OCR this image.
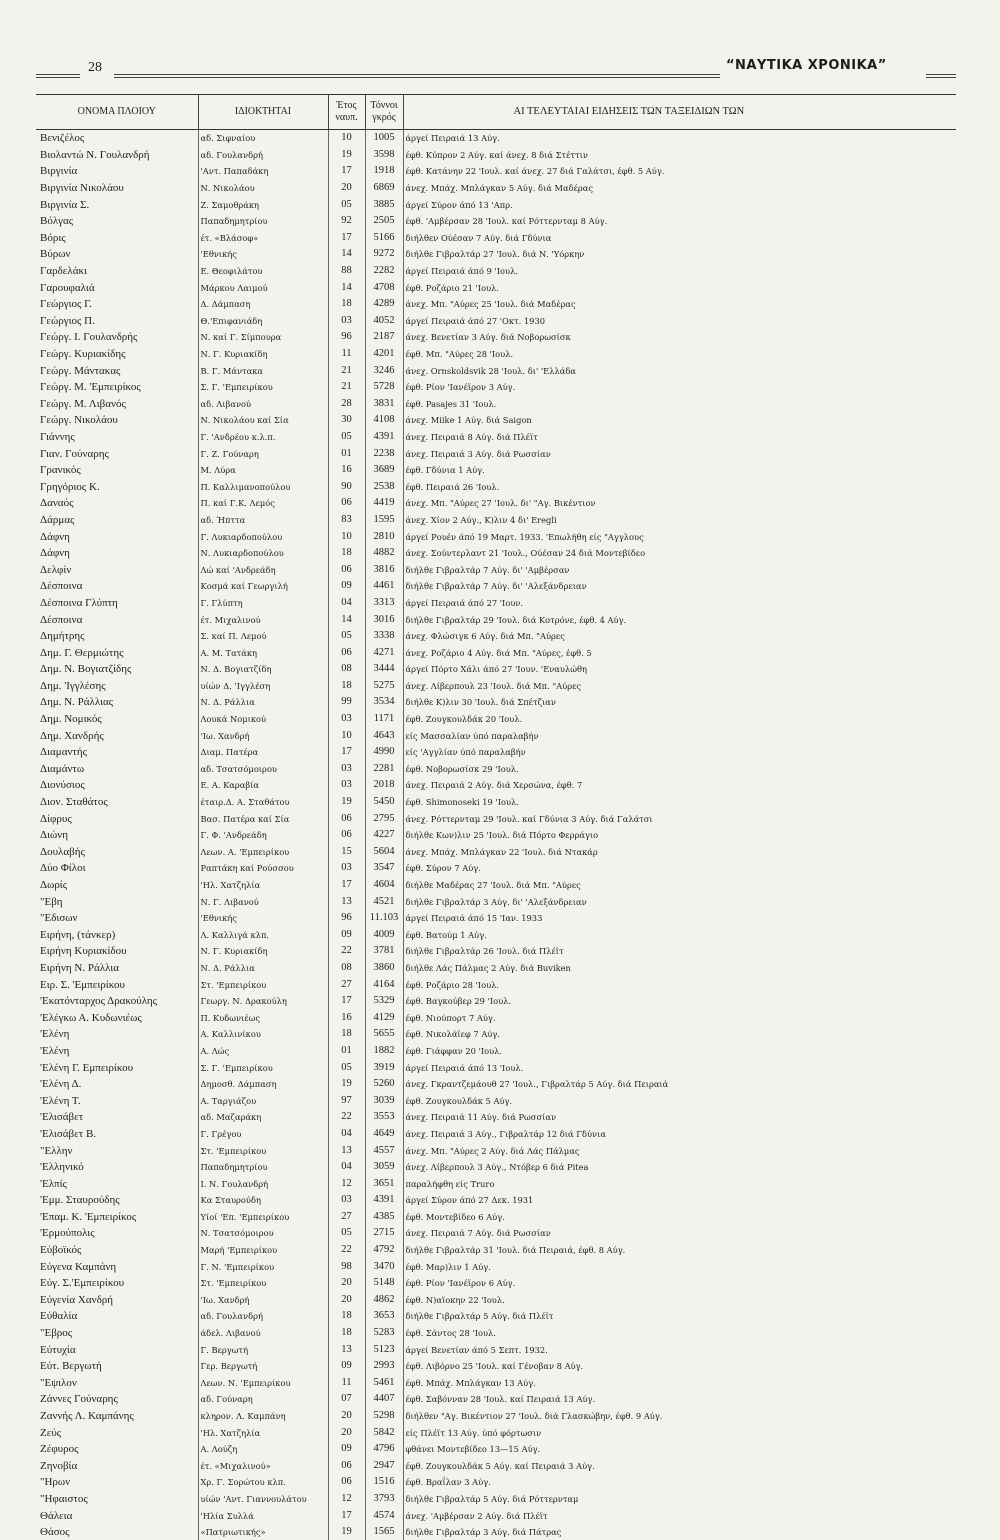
28	“ΝΑΥΤΙΚΑ ΧΡΟΝΙΚΑ”
ΟΝΟΜΑ ΠΛΟΙΟΥ	ΙΔΙΟΚΤΗΤΑΙ	Έτος ναυπ.	Τόννοι γκρός	ΑΙ ΤΕΛΕΥΤΑΙΑΙ ΕΙΔΗΣΕΙΣ ΤΩΝ ΤΑΞΕΙΔΙΩΝ ΤΩΝ
Βενιζέλος	αδ. Σιφναίου	10	1005	άργεί Πειραιά 13 Αύγ.
Βιολαντώ Ν. Γουλανδρή	αδ. Γουλανδρή	19	3598	έφθ. Κύπρον 2 Αύγ. καί άνεχ. 8 διά Στέττιν
Βιργινία	'Αντ. Παπαδάκη	17	1918	έφθ. Κατάνην 22 'Ιουλ. καί άνεχ. 27 διά Γαλάτσι, έφθ. 5 Αύγ.
Βιργινία Νικολάου	Ν. Νικολάου	20	6869	άνεχ. Μπάχ. Μπλάγκαν 5 Αύγ. διά Μαδέρας
Βιργινία Σ.	Ζ. Σαμοθράκη	05	3885	άργεί Σύρον άπό 13 'Απρ.
Βόλγας	Παπαδημητρίου	92	2505	έφθ. 'Αμβέρσαν 28 'Ιουλ. καί Ρόττερνταμ 8 Αύγ.
Βόρις	έτ. «Βλάσοφ»	17	5166	διήλθεν Ούέσαν 7 Αύγ. διά Γδύνια
Βύρων	'Εθνικής	14	9272	διήλθε Γιβραλτάρ 27 'Ιουλ. διά Ν. 'Υόρκην
Γαρδελάκι	Ε. Θεοφιλάτου	88	2282	άργεί Πειραιά άπό 9 'Ιουλ.
Γαρουφαλιά	Μάρκου Λαιμού	14	4708	έφθ. Ροζάριο 21 'Ιουλ.
Γεώργιος Γ.	Δ. Δάμπαση	18	4289	άνεχ. Μπ. "Αύρες 25 'Ιουλ. διά Μαδέρας
Γεώργιος Π.	Θ.'Επιφανιάδη	03	4052	άργεί Πειραιά άπό 27 'Οκτ. 1930
Γεώργ. Ι. Γουλανδρής	Ν. καί Γ. Σίμπουρα	96	2187	άνεχ. Βενετίαν 3 Αύγ. διά Νοβορωσίσκ
Γεώργ. Κυριακίδης	Ν. Γ. Κυριακίδη	11	4201	έφθ. Μπ. "Αύρες 28 'Ιουλ.
Γεώργ. Μάντακας	Β. Γ. Μάντακα	21	3246	άνεχ. Ornskoldsvik 28 'Ιουλ. δι' 'Ελλάδα
Γεώργ. Μ. 'Εμπειρίκος	Σ. Γ. 'Εμπειρίκου	21	5728	έφθ. Ρίον 'Ιανέϊρον 3 Αύγ.
Γεώργ. Μ. Λιβανός	αδ. Λιβανού	28	3831	έφθ. Pasajes 31 'Ιουλ.
Γεώργ. Νικολάου	Ν. Νικολάου καί Σία	30	4108	άνεχ. Miike 1 Αύγ. διά Saigon
Γιάννης	Γ. 'Ανδρέου κ.λ.π.	05	4391	άνεχ. Πειραιά 8 Αύγ. διά Πλέϊτ
Γιαν. Γούναρης	Γ. Ζ. Γούναρη	01	2238	άνεχ. Πειραιά 3 Αύγ. διά Ρωσσίαν
Γρανικός	Μ. Λύρα	16	3689	έφθ. Γδύνια 1 Αύγ.
Γρηγόριος Κ.	Π. Καλλιμανοπούλου	90	2538	έφθ. Πειραιά 26 'Ιουλ.
Δαναός	Π. καί Γ.Κ. Λεμός	06	4419	άνεχ. Μπ. "Αύρες 27 'Ιουλ. δι' "Αγ. Βικέντιον
Δάρμας	αδ. Ήπττα	83	1595	άνεχ. Χίον 2 Αύγ., Κ)λιν 4 δι' Eregli
Δάφνη	Γ. Λυκιαρδοπούλου	10	2810	άργεί Ρουέν άπό 19 Μαρτ. 1933. 'Επωλήθη είς "Αγγλους
Δάφνη	Ν. Λυκιαρδοπούλου	18	4882	άνεχ. Σούντερλαντ 21 'Ιουλ., Ούέσαν 24 διά Μοντεβίδεο
Δελφίν	Λώ καί 'Ανδρεάδη	06	3816	διήλθε Γιβραλτάρ 7 Αύγ. δι' 'Αμβέρσαν
Δέσποινα	Κοσμά καί Γεωργιλή	09	4461	διήλθε Γιβραλτάρ 7 Αύγ. δι' 'Αλεξάνδρειαν
Δέσποινα Γλύπτη	Γ. Γλύπτη	04	3313	άργεί Πειραιά άπό 27 'Ιουν.
Δέσποινα	έτ. Μιχαλινού	14	3016	διήλθε Γιβραλτάρ 29 'Ιουλ. διά Κοτρόνε, έφθ. 4 Αύγ.
Δημήτρης	Σ. καί Π. Λεμού	05	3338	άνεχ. Φλώσιγκ 6 Αύγ. διά Μπ. "Αύρες
Δημ. Γ. Θερμιώτης	Α. Μ. Τατάκη	06	4271	άνεχ. Ροζάριο 4 Αύγ. διά Μπ. "Αύρες, έφθ. 5
Δημ. Ν. Βογιατζίδης	Ν. Δ. Βογιατζίδη	08	3444	άργεί Πόρτο Χάλι άπό 27 'Ιουν. 'Εναυλώθη
Δημ. 'Ιγγλέσης	υίών Δ. 'Ιγγλέση	18	5275	άνεχ. Λίβερπουλ 23 'Ιουλ. διά Μπ. "Αύρες
Δημ. Ν. Ράλλιας	Ν. Δ. Ράλλια	99	3534	διήλθε Κ)λιν 30 'Ιουλ. διά Σπέτζιαν
Δημ. Νομικός	Λουκά Νομικού	03	1171	έφθ. Ζουγκουλδάκ 20 'Ιουλ.
Δημ. Χανδρής	'Ιω. Χανδρή	10	4643	είς Μασσαλίαν ύπό παραλαβήν
Διαμαντής	Διαμ. Πατέρα	17	4990	είς 'Αγγλίαν ύπό παραλαβήν
Διαμάντω	αδ. Τσατσόμοιρου	03	2281	έφθ. Νοβορωσίσκ 29 'Ιουλ.
Διονύσιος	Ε. Α. Καραβία	03	2018	άνεχ. Πειραιά 2 Αύγ. διά Χερσώνα, έφθ. 7
Διον. Σταθάτος	έταιρ.Δ. Α. Σταθάτου	19	5450	έφθ. Shimonoseki 19 'Ιουλ.
Δίφρυς	Βασ. Πατέρα καί Σία	06	2795	άνεχ. Ρόττερνταμ 29 'Ιουλ. καί Γδύνια 3 Αύγ. διά Γαλάτσι
Διώνη	Γ. Φ. 'Ανδρεάδη	06	4227	διήλθε Κων)λιν 25 'Ιουλ. διά Πόρτο Φερράγιο
Δουλαβής	Λεων. Α. 'Εμπειρίκου	15	5604	άνεχ. Μπάχ. Μπλάγκαν 22 'Ιουλ. διά Ντακάρ
Δύο Φίλοι	Ραπτάκη καί Ρούσσου	03	3547	έφθ. Σύρον 7 Αύγ.
Δωρίς	'Ηλ. Χατζηλία	17	4604	διήλθε Μαδέρας 27 'Ιουλ. διά Μπ. "Αύρες
"Εβη	Ν. Γ. Λιβανού	13	4521	διήλθε Γιβραλτάρ 3 Αύγ. δι' 'Αλεξάνδρειαν
"Εδισων	'Εθνικής	96	11.103	άργεί Πειραιά άπό 15 'Ιαν. 1933
Ειρήνη, (τάνκερ)	Λ. Καλλιγά κλπ.	09	4009	έφθ. Βατούμ 1 Αύγ.
Ειρήνη Κυριακίδου	Ν. Γ. Κυριακίδη	22	3781	διήλθε Γιβραλτάρ 26 'Ιουλ. διά Πλέϊτ
Ειρήνη Ν. Ράλλια	Ν. Δ. Ράλλια	08	3860	διήλθε Λάς Πάλμας 2 Αύγ. διά Buviken
Ειρ. Σ. 'Εμπειρίκου	Στ. 'Εμπειρίκου	27	4164	έφθ. Ροζάριο 28 'Ιουλ.
'Εκατόνταρχος Δρακούλης	Γεωργ. Ν. Δρακούλη	17	5329	έφθ. Βαγκούβερ 29 'Ιουλ.
'Ελέγκω Α. Κυδωνιέως	Π. Κυδωνιέως	16	4129	έφθ. Νιούπορτ 7 Αύγ.
'Ελένη	Α. Καλλινίκου	18	5655	έφθ. Νικολάϊεφ 7 Αύγ.
'Ελένη	Α. Λώς	01	1882	έφθ. Γιάφφαν 20 'Ιουλ.
'Ελένη Γ. Εμπειρίκου	Σ. Γ. 'Εμπειρίκου	05	3919	άργεί Πειραιά άπό 13 'Ιουλ.
'Ελένη Δ.	Δημοσθ. Δάμπαση	19	5260	άνεχ. Γκραντζεμάουθ 27 'Ιουλ., Γιβραλτάρ 5 Αύγ. διά Πειραιά
'Ελένη Τ.	Α. Ταργιάζου	97	3039	έφθ. Ζουγκουλδάκ 5 Αύγ.
'Ελισάβετ	αδ. Μαζαράκη	22	3553	άνεχ. Πειραιά 11 Αύγ. διά Ρωσσίαν
'Ελισάβετ Β.	Γ. Γρέγου	04	4649	άνεχ. Πειραιά 3 Αύγ., Γιβραλτάρ 12 διά Γδύνια
"Ελλην	Στ. 'Εμπειρίκου	13	4557	άνεχ. Μπ. "Αύρες 2 Αύγ. διά Λάς Πάλμας
'Ελληνικό	Παπαδημητρίου	04	3059	άνεχ. Λίβερπουλ 3 Αύγ., Ντόβερ 6 διά Pitea
'Ελπίς	Ι. Ν. Γουλανδρή	12	3651	παραλήφθη είς Truro
'Εμμ. Σταυρούδης	Κα Σταυρούδη	03	4391	άργεί Σύρον άπό 27 Δεκ. 1931
'Επαμ. Κ. 'Εμπειρίκος	Υίοί 'Επ. 'Εμπειρίκου	27	4385	έφθ. Μοντεβίδεο 6 Αύγ.
'Ερμούπολις	Ν. Τσατσόμοιρου	05	2715	άνεχ. Πειραιά 7 Αύγ. διά Ρωσσίαν
Εύβοϊκός	Μαρή 'Εμπειρίκου	22	4792	διήλθε Γιβραλτάρ 31 'Ιουλ. διά Πειραιά, έφθ. 8 Αύγ.
Εύγενα Καμπάνη	Γ. Ν. 'Εμπειρίκου	98	3470	έφθ. Μαρ)λιν 1 Αύγ.
Εύγ. Σ.'Εμπειρίκου	Στ. 'Εμπειρίκου	20	5148	έφθ. Ρίον 'Ιανέϊρον 6 Αύγ.
Εύγενία Χανδρή	'Ιω. Χανδρή	20	4862	έφθ. Ν)αϊοκην 22 'Ιουλ.
Εύθαλία	αδ. Γουλανδρή	18	3653	διήλθε Γιβραλτάρ 5 Αύγ. διά Πλέϊτ
"Εβρος	άδελ. Λιβανού	18	5283	έφθ. Σάντος 28 'Ιουλ.
Εύτυχία	Γ. Βεργωτή	13	5123	άργεί Βενετίαν άπό 5 Σεπτ. 1932.
Εύτ. Βεργωτή	Γερ. Βεργωτή	09	2993	έφθ. Λιβόρνο 25 'Ιουλ. καί Γένοβαν 8 Αύγ.
"Εψιλον	Λεων. Ν. 'Εμπειρίκου	11	5461	έφθ. Μπάχ. Μπλάγκαν 13 Αύγ.
Ζάννες Γούναρης	αδ. Γούναρη	07	4407	έφθ. Σαβόνναν 28 'Ιουλ. καί Πειραιά 13 Αύγ.
Ζαννής Λ. Καμπάνης	κληρον. Λ. Καμπάνη	20	5298	διήλθεν "Αγ. Βικέντιον 27 'Ιουλ. διά Γλασκώβην, έφθ. 9 Αύγ.
Ζεύς	'Ηλ. Χατζηλία	20	5842	είς Πλέϊτ 13 Αύγ. ύπό φόρτωσιν
Ζέφυρος	Α. Λούζη	09	4796	φθάνει Μοντεβίδεο 13—15 Αύγ.
Ζηνοβία	έτ. «Μιχαλινού»	06	2947	έφθ. Ζουγκουλδάκ 5 Αύγ. καί Πειραιά 3 Αύγ.
"Ηρων	Χρ. Γ. Σορώτου κλπ.	06	1516	έφθ. Βραΐλαν 3 Αύγ.
"Ηφαιστος	υίών 'Αντ. Γιαννουλάτου	12	3793	διήλθε Γιβραλτάρ 5 Αύγ. διά Ρόττερνταμ
Θάλεια	'Ηλία Συλλά	17	4574	άνεχ. 'Αμβέρσαν 2 Αύγ. διά Πλέϊτ
Θάσος	«Πατριωτικής»	19	1565	διήλθε Γιβραλτάρ 3 Αύγ. διά Πάτρας
